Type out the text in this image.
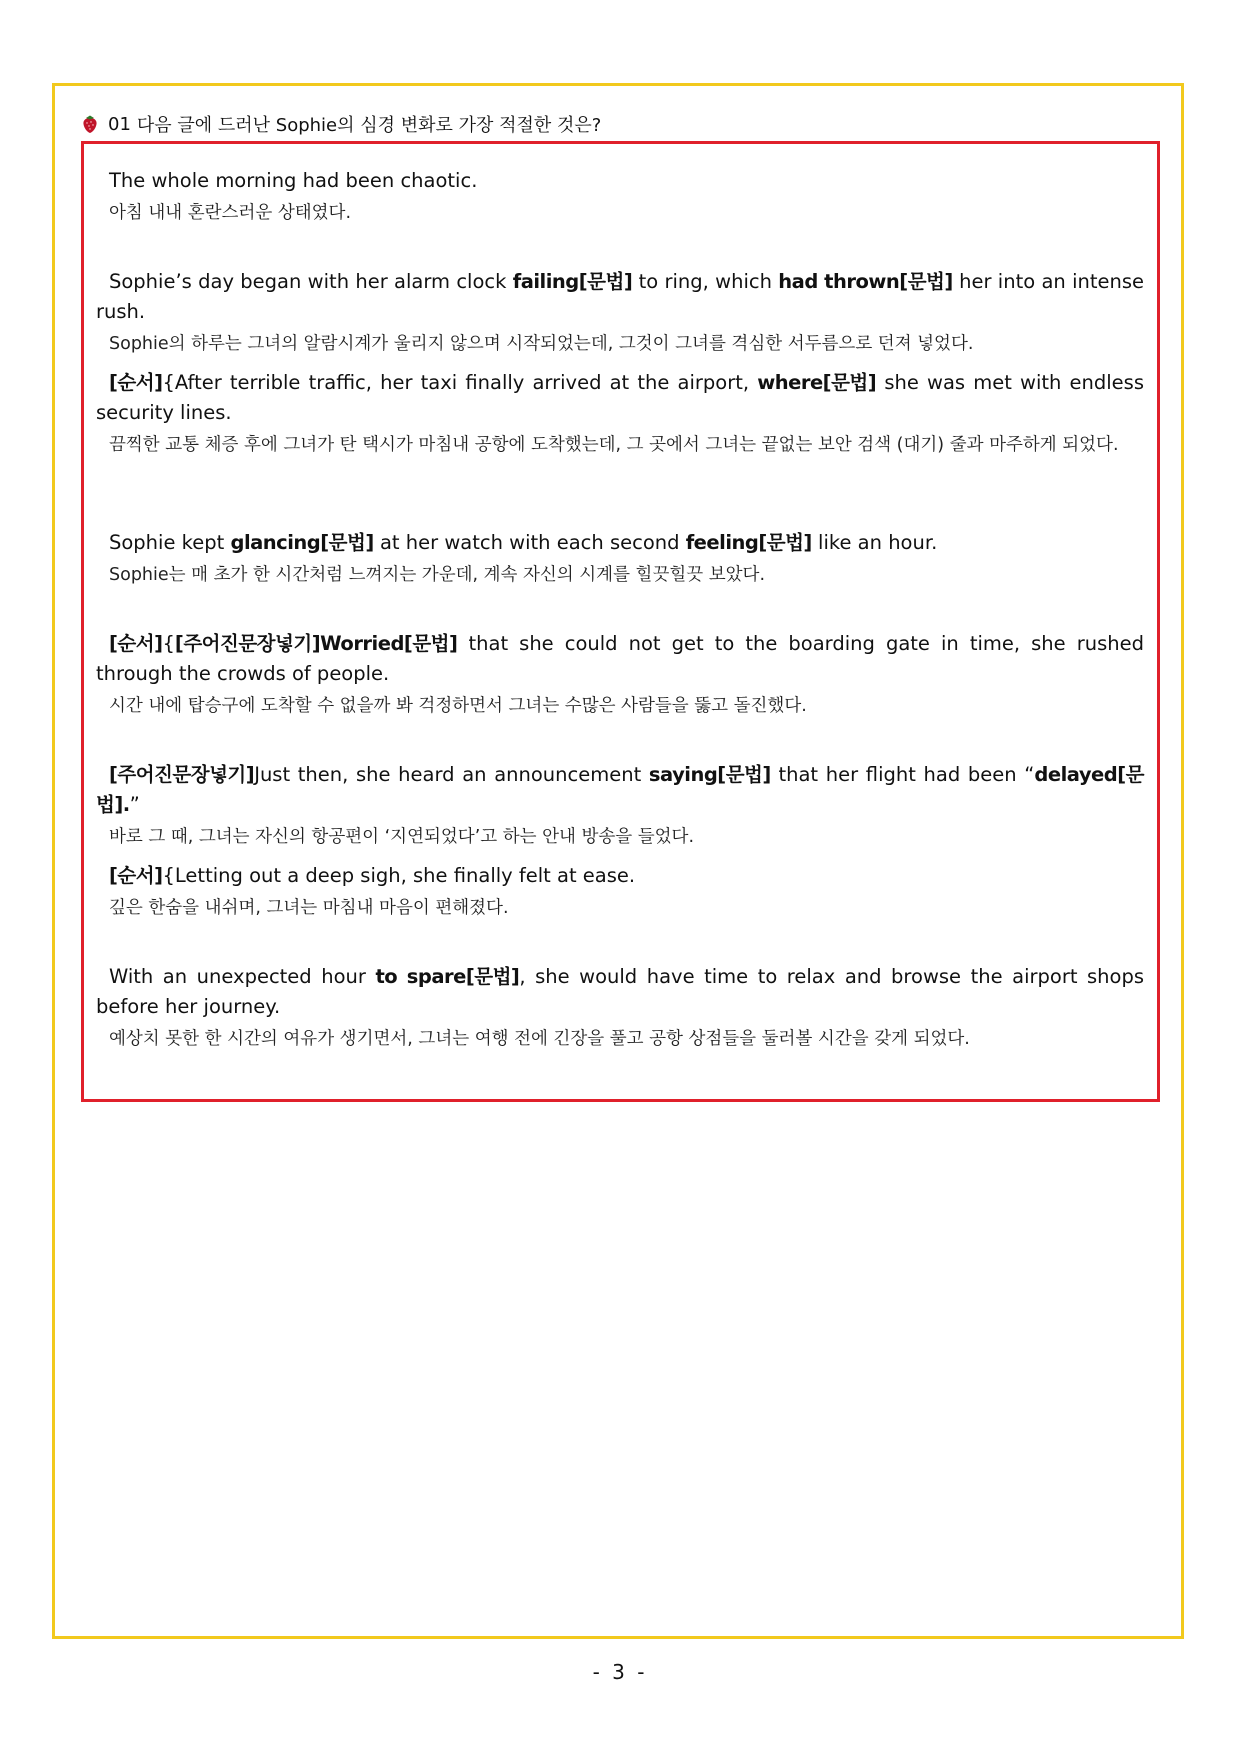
01 다음 글에 드러난 Sophie의 심경 변화로 가장 적절한 것은?

The whole morning had been chaotic.

아침 내내 혼란스러운 상태였다.

Sophie’s day began with her alarm clock failing[문법] to ring, which had thrown[문법] her into an intense rush.

Sophie의 하루는 그녀의 알람시계가 울리지 않으며 시작되었는데, 그것이 그녀를 격심한 서두름으로 던져 넣었다.

[순서]{After terrible traffic, her taxi finally arrived at the airport, where[문법] she was met with endless security lines.

끔찍한 교통 체증 후에 그녀가 탄 택시가 마침내 공항에 도착했는데, 그 곳에서 그녀는 끝없는 보안 검색 (대기) 줄과 마주하게 되었다.

Sophie kept glancing[문법] at her watch with each second feeling[문법] like an hour.

Sophie는 매 초가 한 시간처럼 느껴지는 가운데, 계속 자신의 시계를 힐끗힐끗 보았다.

[순서]{[주어진문장넣기]Worried[문법] that she could not get to the boarding gate in time, she rushed through the crowds of people.

시간 내에 탑승구에 도착할 수 없을까 봐 걱정하면서 그녀는 수많은 사람들을 뚫고 돌진했다.

[주어진문장넣기]Just then, she heard an announcement saying[문법] that her flight had been “delayed[문법].”

바로 그 때, 그녀는 자신의 항공편이 ‘지연되었다’고 하는 안내 방송을 들었다.

[순서]{Letting out a deep sigh, she finally felt at ease.

깊은 한숨을 내쉬며, 그녀는 마침내 마음이 편해졌다.

With an unexpected hour to spare[문법], she would have time to relax and browse the airport shops before her journey.

예상치 못한 한 시간의 여유가 생기면서, 그녀는 여행 전에 긴장을 풀고 공항 상점들을 둘러볼 시간을 갖게 되었다.

- 3 -
